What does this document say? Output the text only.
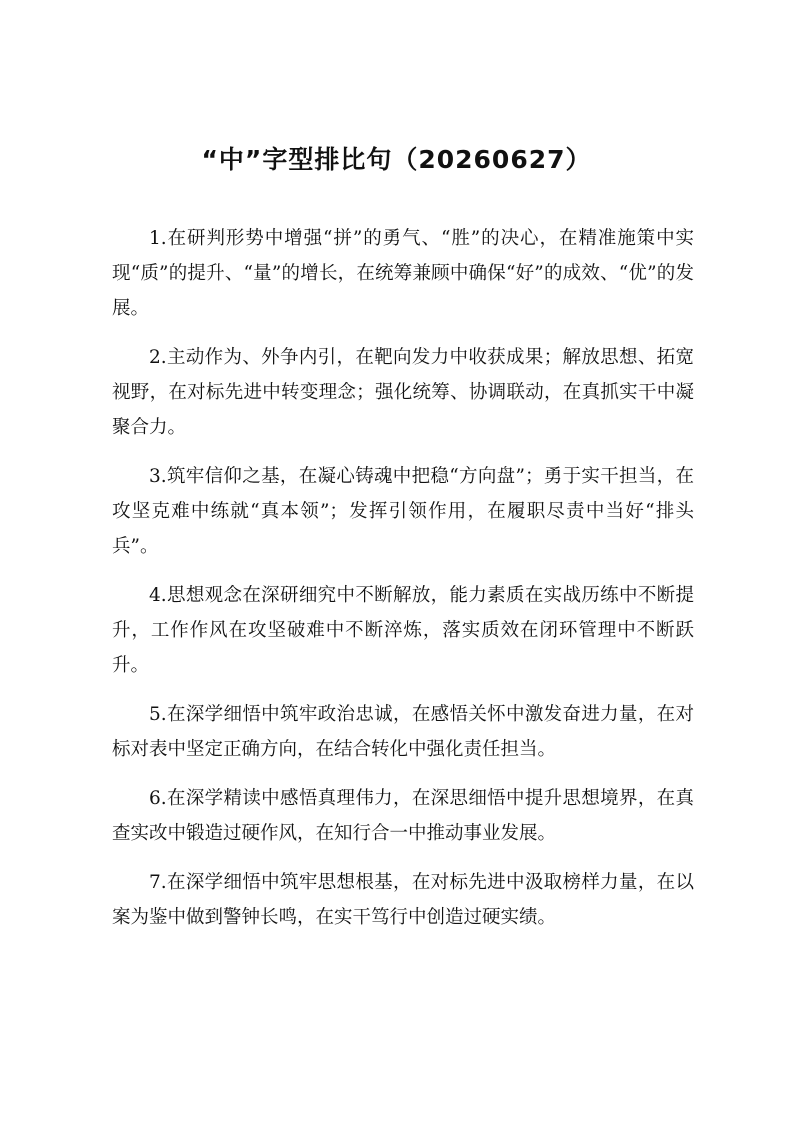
“中”字型排比句（20260627）

1.在研判形势中增强“拼”的勇气、“胜”的决心，在精准施策中实现“质”的提升、“量”的增长，在统筹兼顾中确保“好”的成效、“优”的发展。

2.主动作为、外争内引，在靶向发力中收获成果；解放思想、拓宽视野，在对标先进中转变理念；强化统筹、协调联动，在真抓实干中凝聚合力。

3.筑牢信仰之基，在凝心铸魂中把稳“方向盘”；勇于实干担当，在攻坚克难中练就“真本领”；发挥引领作用，在履职尽责中当好“排头兵”。

4.思想观念在深研细究中不断解放，能力素质在实战历练中不断提升，工作作风在攻坚破难中不断淬炼，落实质效在闭环管理中不断跃升。

5.在深学细悟中筑牢政治忠诚，在感悟关怀中激发奋进力量，在对标对表中坚定正确方向，在结合转化中强化责任担当。

6.在深学精读中感悟真理伟力，在深思细悟中提升思想境界，在真查实改中锻造过硬作风，在知行合一中推动事业发展。

7.在深学细悟中筑牢思想根基，在对标先进中汲取榜样力量，在以案为鉴中做到警钟长鸣，在实干笃行中创造过硬实绩。
